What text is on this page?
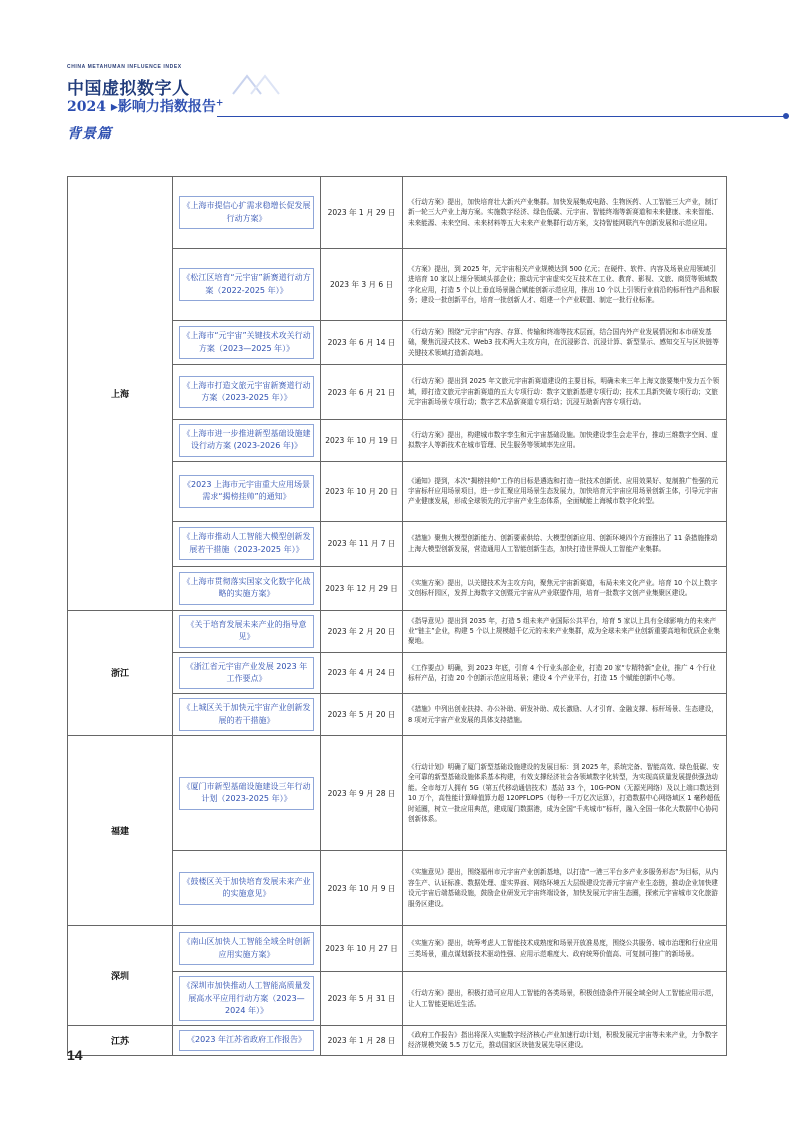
CHINA METAHUMAN INFLUENCE INDEX
中国虚拟数字人
2024 ▸影响力指数报告+
背景篇
上海	《上海市提信心扩需求稳增长促发展行动方案》	2023 年 1 月 29 日	《行动方案》提出，加快培育壮大新兴产业集群。加快发展集成电路、生物医药、人工智能三大产业，制订新一轮三大产业上海方案。实施数字经济、绿色低碳、元宇宙、智能终端等新赛道和未来健康、未来智能、未来能源、未来空间、未来材料等五大未来产业集群行动方案，支持智能网联汽车创新发展和示范应用。

	《松江区培育“元宇宙”新赛道行动方案（2022-2025 年）》	2023 年 3 月 6 日	《方案》提出，到 2025 年，元宇宙相关产业规模达到 500 亿元；在硬件、软件、内容及场景应用领域引进培育 10 家以上细分领域头部企业；推动元宇宙虚实交互技术在工业、教育、影视、文旅、商贸等领域数字化应用，打造 5 个以上垂直场景融合赋能创新示范应用，推出 10 个以上引领行业前沿的标杆性产品和服务；建设一批创新平台，培育一批创新人才、组建一个产业联盟、制定一批行业标准。

	《上海市“元宇宙”关键技术攻关行动方案（2023—2025 年）》	2023 年 6 月 14 日	《行动方案》围绕“元宇宙”内容、存算、传输和终端等技术层面，结合国内外产业发展情况和本市研发基础，聚焦沉浸式技术、Web3 技术两大主攻方向，在沉浸影音、沉浸计算、新型显示、感知交互与区块链等关键技术领域打造新高地。

	《上海市打造文旅元宇宙新赛道行动方案（2023-2025 年）》	2023 年 6 月 21 日	《行动方案》提出到 2025 年文旅元宇宙新赛道建设的主要目标，明确未来三年上海文旅要集中发力五个领域，即打造文旅元宇宙新赛道的五大专项行动：数字文旅新基建专项行动；技术工具新突破专项行动；文旅元宇宙新场景专项行动；数字艺术品新赛道专项行动；沉浸互助新内容专项行动。

	《上海市进一步推进新型基础设施建设行动方案 (2023-2026 年)》	2023 年 10 月 19 日	《行动方案》提出，构建城市数字孪生和元宇宙基础设施。加快建设孪生会走平台，推动三维数字空间、虚拟数字人等新技术在城市管理、民生服务等领域率先应用。

	《2023 上海市元宇宙重大应用场景需求“揭榜挂帅”的通知》	2023 年 10 月 20 日	《通知》提到，本次“揭榜挂帅”工作的目标是遴选和打造一批技术创新优、应用效果好、复制推广性强的元宇宙标杆应用场景项目，进一步汇聚应用场景生态发展力，加快培育元宇宙应用场景创新主体，引导元宇宙产业健康发展，形成全球领先的元宇宙产业生态体系，全面赋能上海城市数字化转型。

	《上海市推动人工智能大模型创新发展若干措施（2023-2025 年）》	2023 年 11 月 7 日	《措施》聚焦大模型创新能力、创新要素供给、大模型创新应用、创新环境四个方面推出了 11 条措施推动上海大模型创新发展，营造通用人工智能创新生态，加快打造世界级人工智能产业集群。

	《上海市贯彻落实国家文化数字化战略的实施方案》	2023 年 12 月 29 日	《实施方案》提出，以关键技术为主攻方向，聚焦元宇宙新赛道，布局未来文化产业。培育 10 个以上数字文创标杆园区，发挥上海数字文创暨元宇宙从产业联盟作用，培育一批数字文创产业集聚区建设。
浙江	《关于培育发展未来产业的指导意见》	2023 年 2 月 20 日	《指导意见》提出到 2035 年，打造 5 组未来产业国际公共平台，培育 5 家以上具有全球影响力的未来产业“链主”企业，构建 5 个以上规模超千亿元的未来产业集群，成为全球未来产业创新重要高地和优质企业集聚地。

	《浙江省元宇宙产业发展 2023 年工作要点》	2023 年 4 月 24 日	《工作要点》明确，到 2023 年底，引育 4 个行业头部企业，打造 20 家“专精特新”企业，推广 4 个行业标杆产品，打造 20 个创新示范应用场景；建设 4 个产业平台，打造 15 个赋能创新中心等。

	《上城区关于加快元宇宙产业创新发展的若干措施》	2023 年 5 月 20 日	《措施》中列出创业扶持、办公补助、研发补助、成长激励、人才引育、金融支撑、标杆场景、生态建设，8 项对元宇宙产业发展的具体支持措施。
福建	《厦门市新型基础设施建设三年行动计划（2023-2025 年）》	2023 年 9 月 28 日	《行动计划》明确了厦门新型基础设施建设的发展目标：到 2025 年，系统完备、智能高效、绿色低碳、安全可靠的新型基础设施体系基本构建，有效支撑经济社会各领域数字化转型，为实现高质量发展提供强劲动能。全市每万人拥有 5G（第五代移动通信技术）基站 33 个，10G-PON（无源光网络）及以上端口数达到 10 万个，高性能计算峰值算力超 120PFLOPS（每秒一千万亿次运算），打造数据中心网络域区 1 毫秒超低时延圈，树立一批应用典范，建成厦门数据港，成为全国“千兆城市”标杆，融入全国一体化大数据中心协同创新体系。

	《鼓楼区关于加快培育发展未来产业的实施意见》	2023 年 10 月 9 日	《实施意见》提出，围绕福州市元宇宙产业创新基地，以打造“一港三平台多产业多服务形态”为目标，从内容生产、认证标准、数据处理、虚实界面、网络环境五大层级建设完善元宇宙产业生态链，推动企业加快建设元宇宙后端基础设施，鼓励企业研发元宇宙终端设备，加快发展元宇宙生态圈，探索元宇宙城市文化旅游服务区建设。
深圳	《南山区加快人工智能全域全时创新应用实施方案》	2023 年 10 月 27 日	《实施方案》提出，统筹考虑人工智能技术成熟度和场景开放准易度，围绕公共服务、城市治理和行业应用三类场景，重点谋划新技术驱动性强、应用示范难度大、政府统筹价值高、可复制可推广的新场景。

	《深圳市加快推动人工智能高质量发展高水平应用行动方案（2023—2024 年）》	2023 年 5 月 31 日	《行动方案》提出，积极打造可应用人工智能的各类场景，积极创造条件开展全域全时人工智能应用示范，让人工智能更贴近生活。
江苏	《2023 年江苏省政府工作报告》	2023 年 1 月 28 日	《政府工作报告》指出将深入实施数字经济核心产业加速行动计划，积极发展元宇宙等未来产业，力争数字经济规模突破 5.5 万亿元，推动国家区块链发展先导区建设。
14
